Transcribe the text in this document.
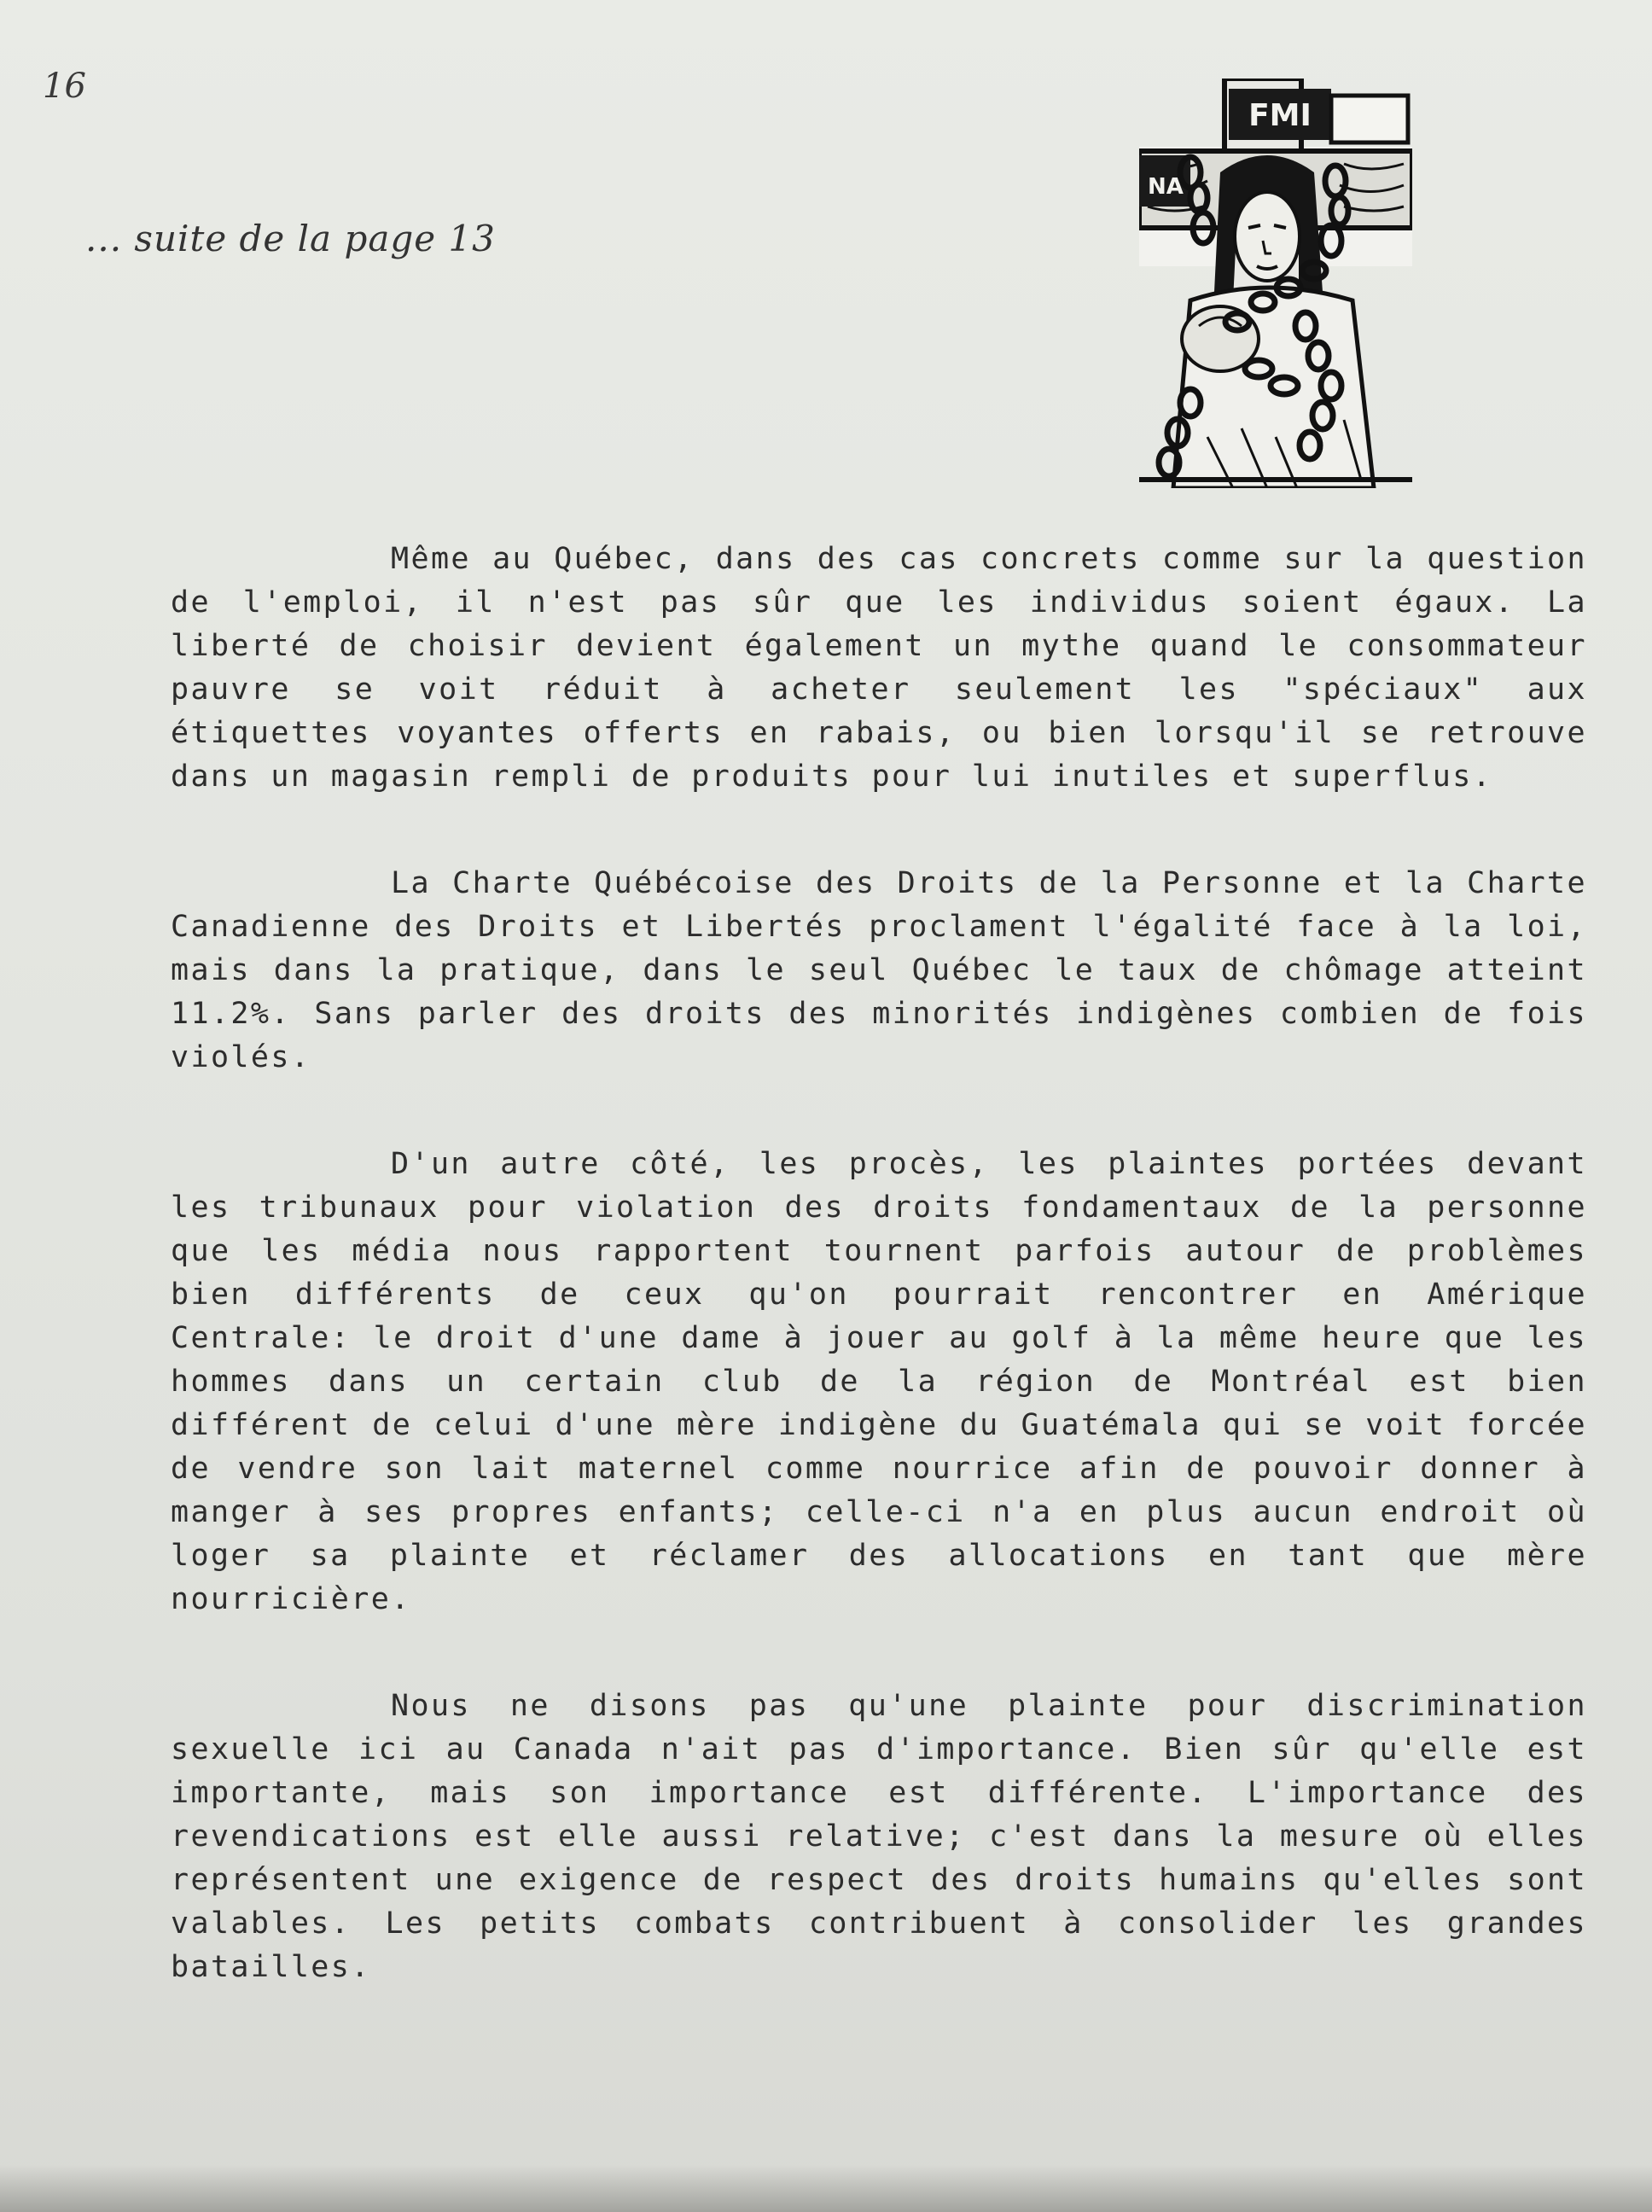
16
... suite de la page 13
FMI
NA

Même au Québec, dans des cas concrets comme sur la question de l'emploi, il n'est pas sûr que les individus soient égaux. La liberté de choisir devient également un mythe quand le consommateur pauvre se voit réduit à acheter seulement les "spéciaux" aux étiquettes voyantes offerts en rabais, ou bien lorsqu'il se retrouve dans un magasin rempli de produits pour lui inutiles et superflus.

La Charte Québécoise des Droits de la Personne et la Charte Canadienne des Droits et Libertés proclament l'égalité face à la loi, mais dans la pratique, dans le seul Québec le taux de chômage atteint 11.2%. Sans parler des droits des minorités indigènes combien de fois violés.

D'un autre côté, les procès, les plaintes portées devant les tribunaux pour violation des droits fondamentaux de la personne que les média nous rapportent tournent parfois autour de problèmes bien différents de ceux qu'on pourrait rencontrer en Amérique Centrale: le droit d'une dame à jouer au golf à la même heure que les hommes dans un certain club de la région de Montréal est bien différent de celui d'une mère indigène du Guatémala qui se voit forcée de vendre son lait maternel comme nourrice afin de pouvoir donner à manger à ses propres enfants; celle-ci n'a en plus aucun endroit où loger sa plainte et réclamer des allocations en tant que mère nourricière.

Nous ne disons pas qu'une plainte pour discrimination sexuelle ici au Canada n'ait pas d'importance. Bien sûr qu'elle est importante, mais son importance est différente. L'importance des revendications est elle aussi relative; c'est dans la mesure où elles représentent une exigence de respect des droits humains qu'elles sont valables. Les petits combats contribuent à consolider les grandes batailles.
